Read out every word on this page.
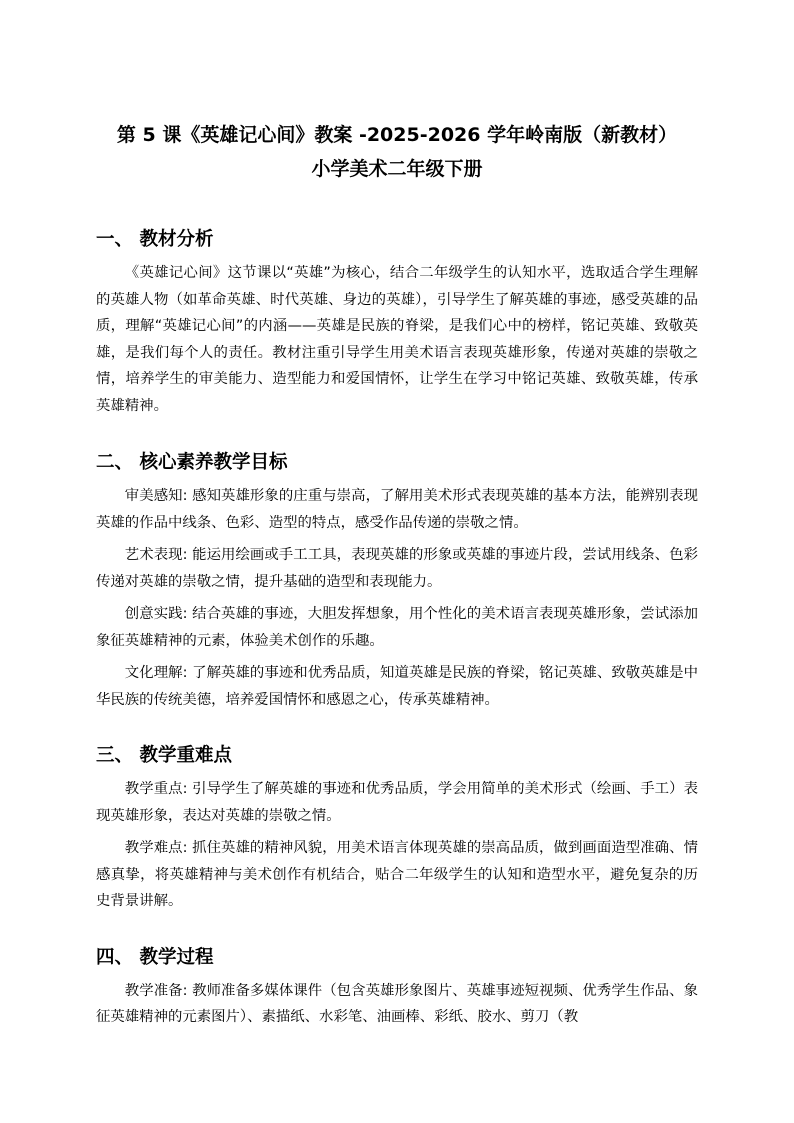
第 5 课《英雄记心间》教案 -2025-2026 学年岭南版（新教材）
小学美术二年级下册
一、 教材分析

《英雄记心间》这节课以“英雄”为核心，结合二年级学生的认知水平，选取适合学生理解的英雄人物（如革命英雄、时代英雄、身边的英雄），引导学生了解英雄的事迹，感受英雄的品质，理解“英雄记心间”的内涵——英雄是民族的脊梁，是我们心中的榜样，铭记英雄、致敬英雄，是我们每个人的责任。教材注重引导学生用美术语言表现英雄形象，传递对英雄的崇敬之情，培养学生的审美能力、造型能力和爱国情怀，让学生在学习中铭记英雄、致敬英雄，传承英雄精神。

二、 核心素养教学目标

审美感知: 感知英雄形象的庄重与崇高，了解用美术形式表现英雄的基本方法，能辨别表现英雄的作品中线条、色彩、造型的特点，感受作品传递的崇敬之情。

艺术表现: 能运用绘画或手工工具，表现英雄的形象或英雄的事迹片段，尝试用线条、色彩传递对英雄的崇敬之情，提升基础的造型和表现能力。

创意实践: 结合英雄的事迹，大胆发挥想象，用个性化的美术语言表现英雄形象，尝试添加象征英雄精神的元素，体验美术创作的乐趣。

文化理解: 了解英雄的事迹和优秀品质，知道英雄是民族的脊梁，铭记英雄、致敬英雄是中华民族的传统美德，培养爱国情怀和感恩之心，传承英雄精神。

三、 教学重难点

教学重点: 引导学生了解英雄的事迹和优秀品质，学会用简单的美术形式（绘画、手工）表现英雄形象，表达对英雄的崇敬之情。

教学难点: 抓住英雄的精神风貌，用美术语言体现英雄的崇高品质，做到画面造型准确、情感真挚，将英雄精神与美术创作有机结合，贴合二年级学生的认知和造型水平，避免复杂的历史背景讲解。

四、 教学过程

教学准备: 教师准备多媒体课件（包含英雄形象图片、英雄事迹短视频、优秀学生作品、象征英雄精神的元素图片）、素描纸、水彩笔、油画棒、彩纸、胶水、剪刀（教
